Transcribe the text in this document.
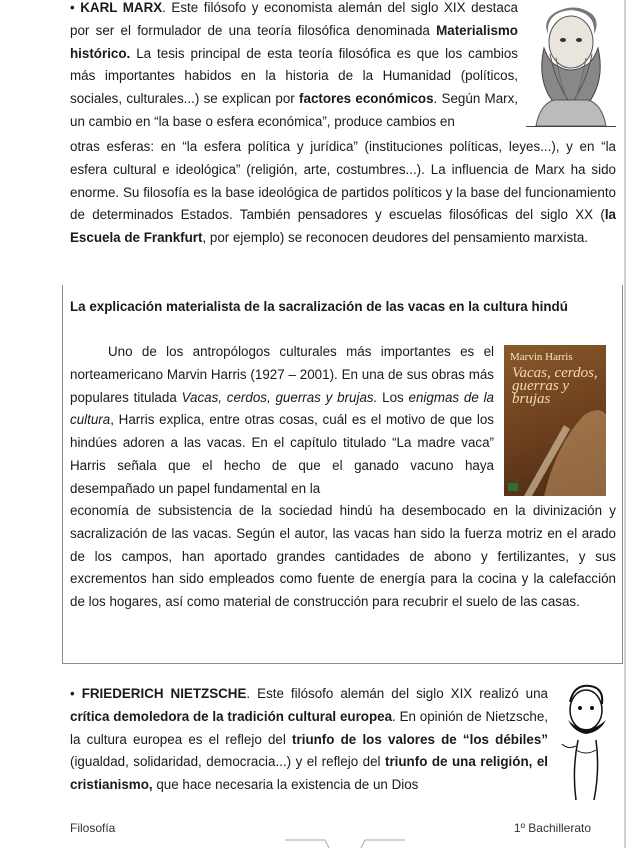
• KARL MARX. Este filósofo y economista alemán del siglo XIX destaca por ser el formulador de una teoría filosófica denominada Materialismo histórico. La tesis principal de esta teoría filosófica es que los cambios más importantes habidos en la historia de la Humanidad (políticos, sociales, culturales...) se explican por factores económicos. Según Marx, un cambio en “la base o esfera económica”, produce cambios en

otras esferas: en “la esfera política y jurídica” (instituciones políticas, leyes...), y en “la esfera cultural e ideológica” (religión, arte, costumbres...). La influencia de Marx ha sido enorme. Su filosofía es la base ideológica de partidos políticos y la base del funcionamiento de determinados Estados. También pensadores y escuelas filosóficas del siglo XX (la Escuela de Frankfurt, por ejemplo) se reconocen deudores del pensamiento marxista.

La explicación materialista de la sacralización de las vacas en la cultura hindú

Uno de los antropólogos culturales más importantes es el norteamericano Marvin Harris (1927 – 2001). En una de sus obras más populares titulada Vacas, cerdos, guerras y brujas. Los enigmas de la cultura, Harris explica, entre otras cosas, cuál es el motivo de que los hindúes adoren a las vacas. En el capítulo titulado “La madre vaca” Harris señala que el hecho de que el ganado vacuno haya desempañado un papel fundamental en la

Marvin Harris
Vacas, cerdos, guerras y brujas

economía de subsistencia de la sociedad hindú ha desembocado en la divinización y sacralización de las vacas. Según el autor, las vacas han sido la fuerza motriz en el arado de los campos, han aportado grandes cantidades de abono y fertilizantes, y sus excrementos han sido empleados como fuente de energía para la cocina y la calefacción de los hogares, así como material de construcción para recubrir el suelo de las casas.

• FRIEDERICH NIETZSCHE. Este filósofo alemán del siglo XIX realizó una crítica demoledora de la tradición cultural europea. En opinión de Nietzsche, la cultura europea es el reflejo del triunfo de los valores de “los débiles” (igualdad, solidaridad, democracia...) y el reflejo del triunfo de una religión, el cristianismo, que hace necesaria la existencia de un Dios

Filosofía	1º Bachillerato
